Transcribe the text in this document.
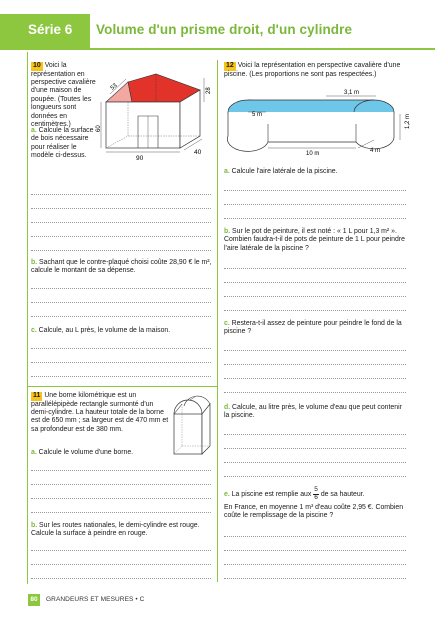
Série 6 Volume d'un prisme droit, d'un cylindre
10 Voici la représentation en perspective cavalière d'une maison de poupée. (Toutes les longueurs sont données en centimètres.)
53	28
60
90
40
a. Calcule la surface de bois nécessaire pour réaliser le modèle ci-dessus.
b. Sachant que le contre-plaqué choisi coûte 28,90 € le m², calcule le montant de sa dépense.
c. Calcule, au L près, le volume de la maison.
11 Une borne kilométrique est un parallélépipède rectangle surmonté d'un demi-cylindre. La hauteur totale de la borne est de 650 mm ; sa largeur est de 470 mm et sa profondeur est de 380 mm.
a. Calcule le volume d'une borne.
b. Sur les routes nationales, le demi-cylindre est rouge. Calcule la surface à peindre en rouge.
12 Voici la représentation en perspective cavalière d'une piscine. (Les proportions ne sont pas respectées.)
3,1 m
5 m	1,2 m
10 m	4 m
a. Calcule l'aire latérale de la piscine.
b. Sur le pot de peinture, il est noté : « 1 L pour 1,3 m² ». Combien faudra-t-il de pots de peinture de 1 L pour peindre l'aire latérale de la piscine ?
c. Restera-t-il assez de peinture pour peindre le fond de la piscine ?
d. Calcule, au litre près, le volume d'eau que peut contenir la piscine.
e. La piscine est remplie aux $\frac{5}{6}$ de sa hauteur.
En France, en moyenne 1 m³ d'eau coûte 2,95 €. Combien coûte le remplissage de la piscine ?
80	GRANDEURS ET MESURES • C
